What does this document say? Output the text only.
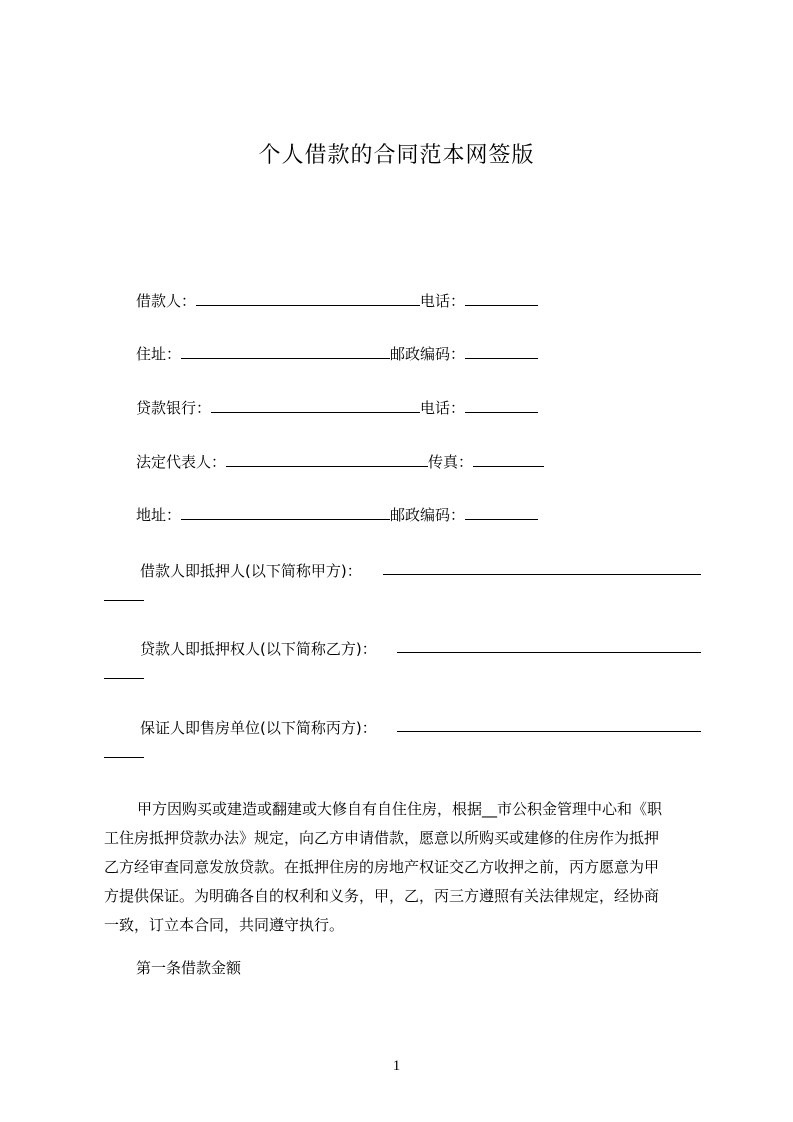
个人借款的合同范本网签版
借款人：	电话：
住址：	邮政编码：
贷款银行：	电话：
法定代表人：	传真：
地址：	邮政编码：
借款人即抵押人(以下简称甲方)：
贷款人即抵押权人(以下简称乙方)：
保证人即售房单位(以下简称丙方)：
甲方因购买或建造或翻建或大修自有自住住房，根据__市公积金管理中心和《职
工住房抵押贷款办法》规定，向乙方申请借款，愿意以所购买或建修的住房作为抵押
乙方经审查同意发放贷款。在抵押住房的房地产权证交乙方收押之前，丙方愿意为甲
方提供保证。为明确各自的权利和义务，甲，乙，丙三方遵照有关法律规定，经协商
一致，订立本合同，共同遵守执行。
第一条借款金额
1
